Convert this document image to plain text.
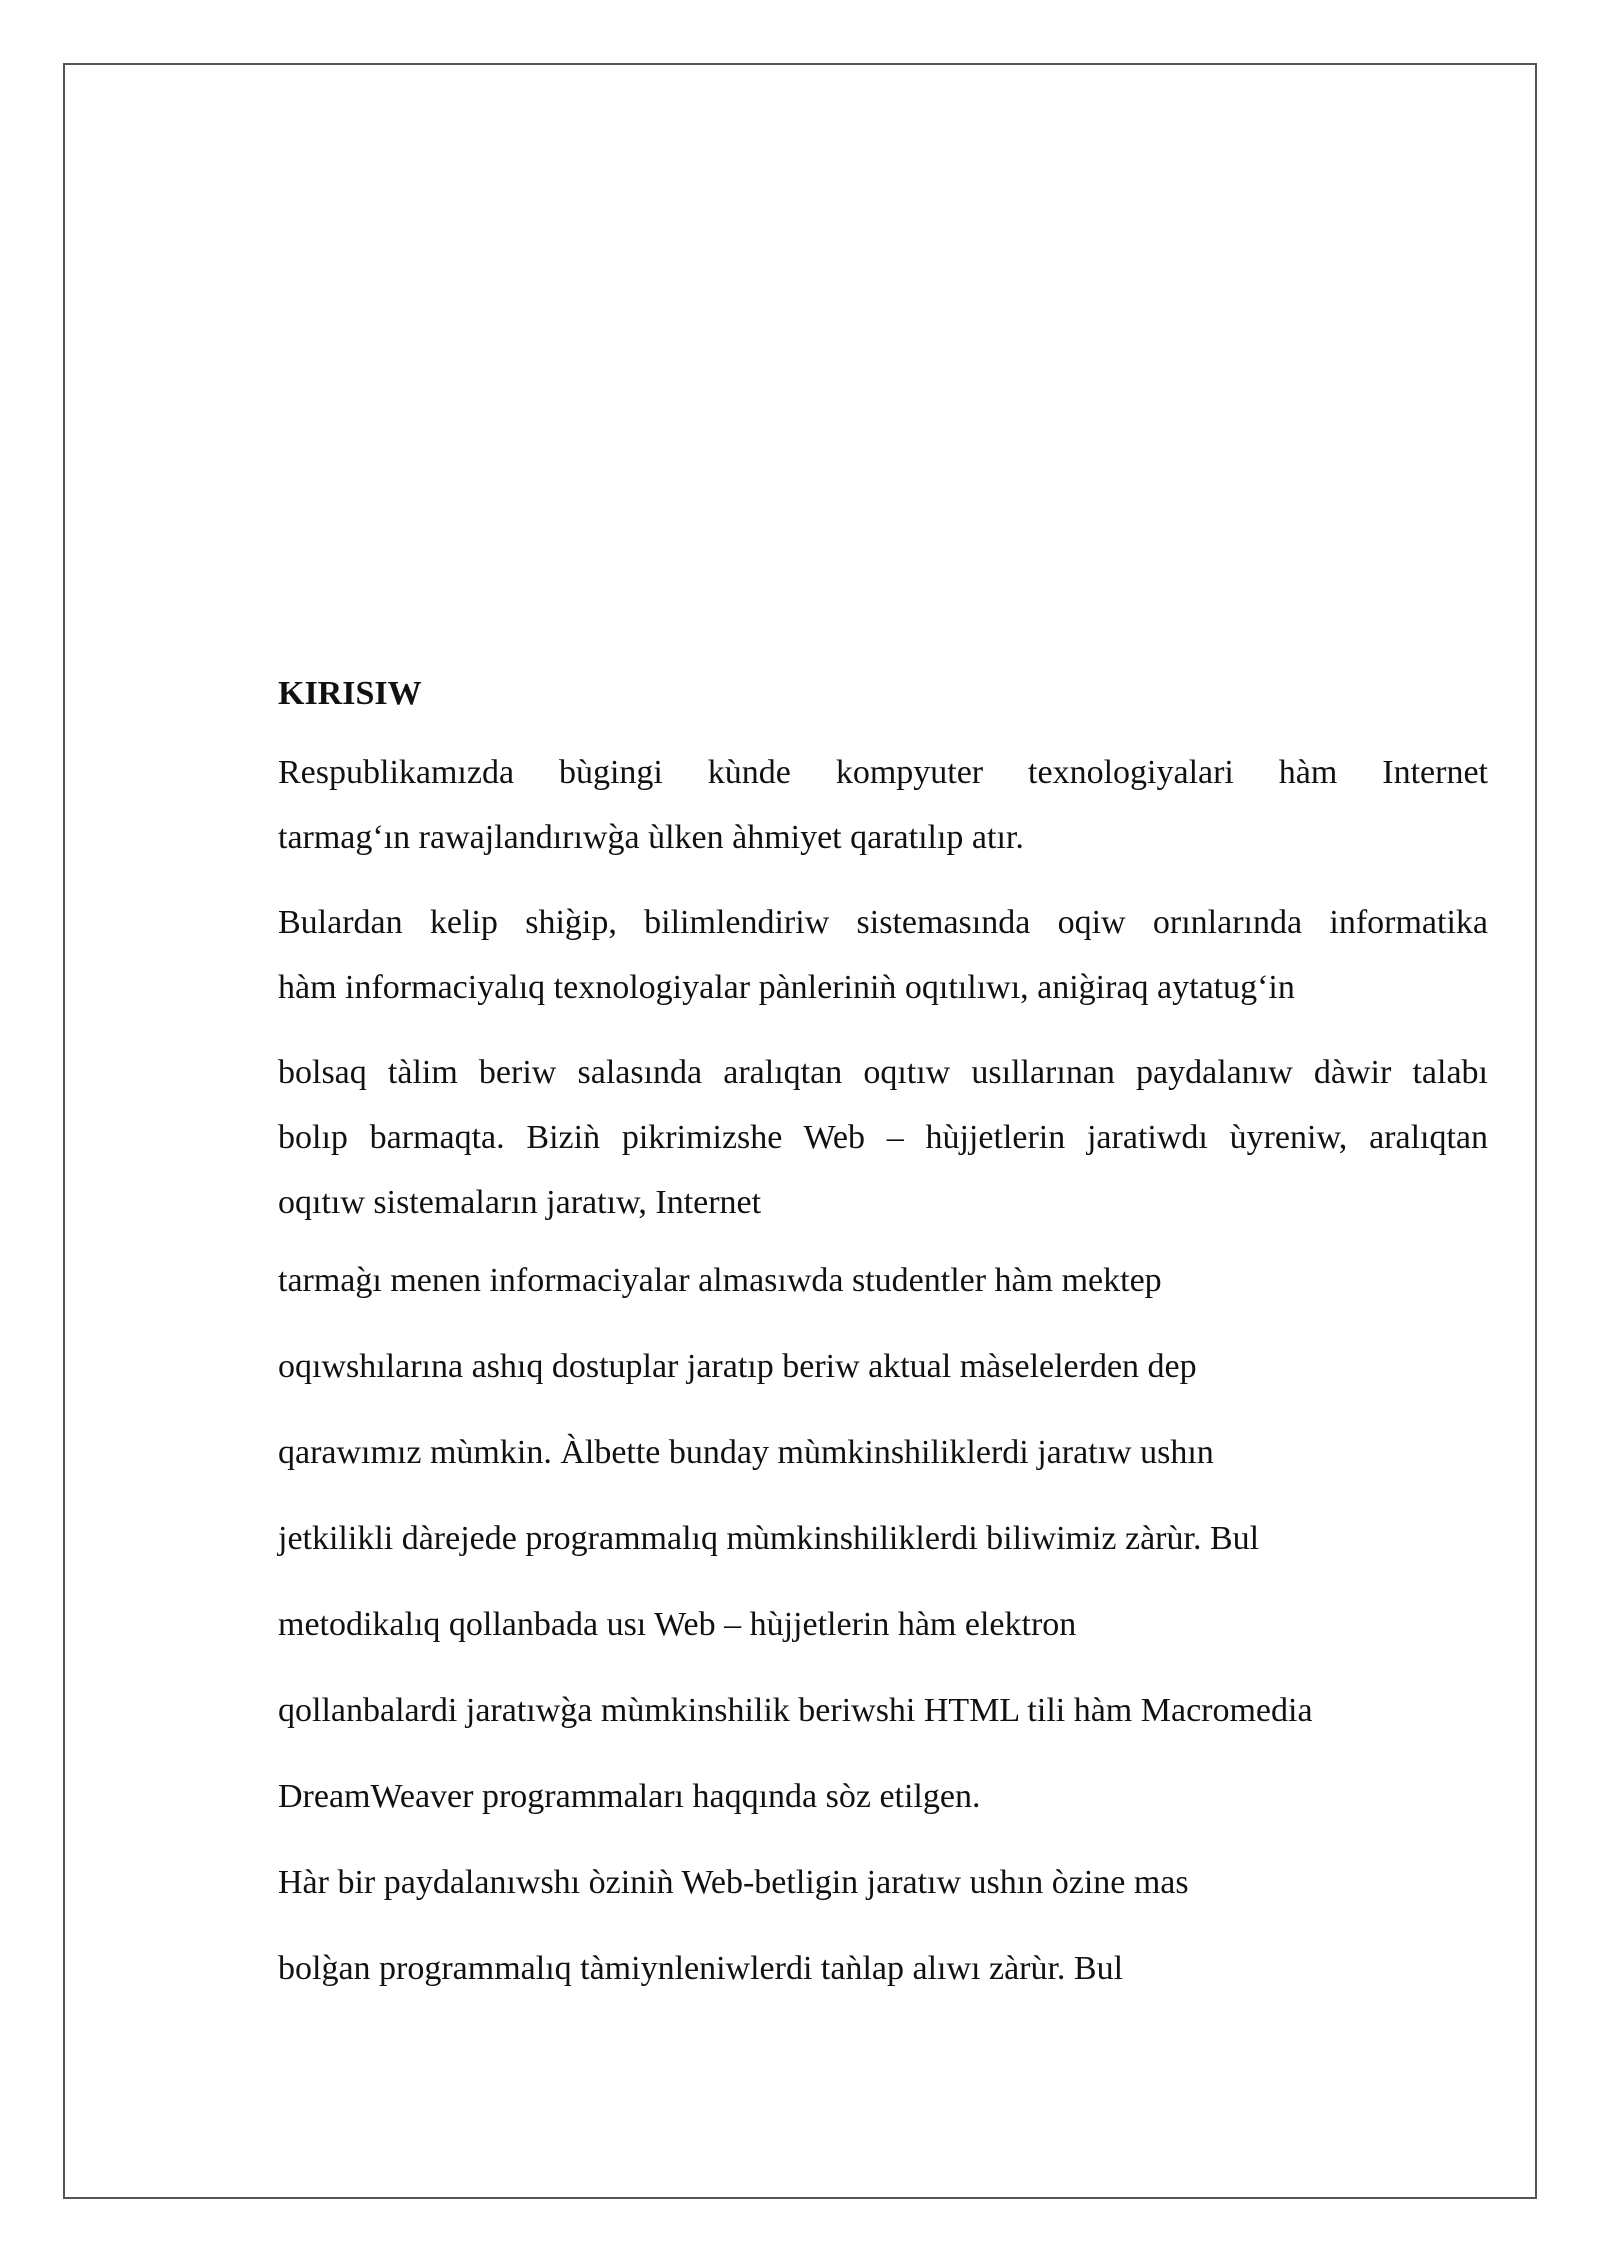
KIRISIW
Respublikamızda bùgingi kùnde kompyuter texnologiyalari hàm Internet
tarmag‘ın rawajlandırıwg̀a ùlken àhmiyet qaratılıp atır.
Bulardan kelip shig̀ip, bilimlendiriw sistemasında oqiw orınlarında informatika
hàm informaciyalıq texnologiyalar pànleriniǹ oqıtılıwı, anig̀iraq aytatug‘in
bolsaq tàlim beriw salasında aralıqtan oqıtıw usıllarınan paydalanıw dàwir talabı
bolıp barmaqta. Biziǹ pikrimizshe Web – hùjjetlerin jaratiwdı ùyreniw, aralıqtan
oqıtıw sistemaların jaratıw, Internet
tarmag̀ı menen informaciyalar almasıwda studentler hàm mektep
oqıwshılarına ashıq dostuplar jaratıp beriw aktual màselelerden dep
qarawımız mùmkin. Àlbette bunday mùmkinshiliklerdi jaratıw ushın
jetkilikli dàrejede programmalıq mùmkinshiliklerdi biliwimiz zàrùr. Bul
metodikalıq qollanbada usı Web – hùjjetlerin hàm elektron
qollanbalardi jaratıwg̀a mùmkinshilik beriwshi HTML tili hàm Macromedia
DreamWeaver programmaları haqqında sòz etilgen.
Hàr bir paydalanıwshı òziniǹ Web-betligin jaratıw ushın òzine mas
bolg̀an programmalıq tàmiynleniwlerdi taǹlap alıwı zàrùr. Bul
